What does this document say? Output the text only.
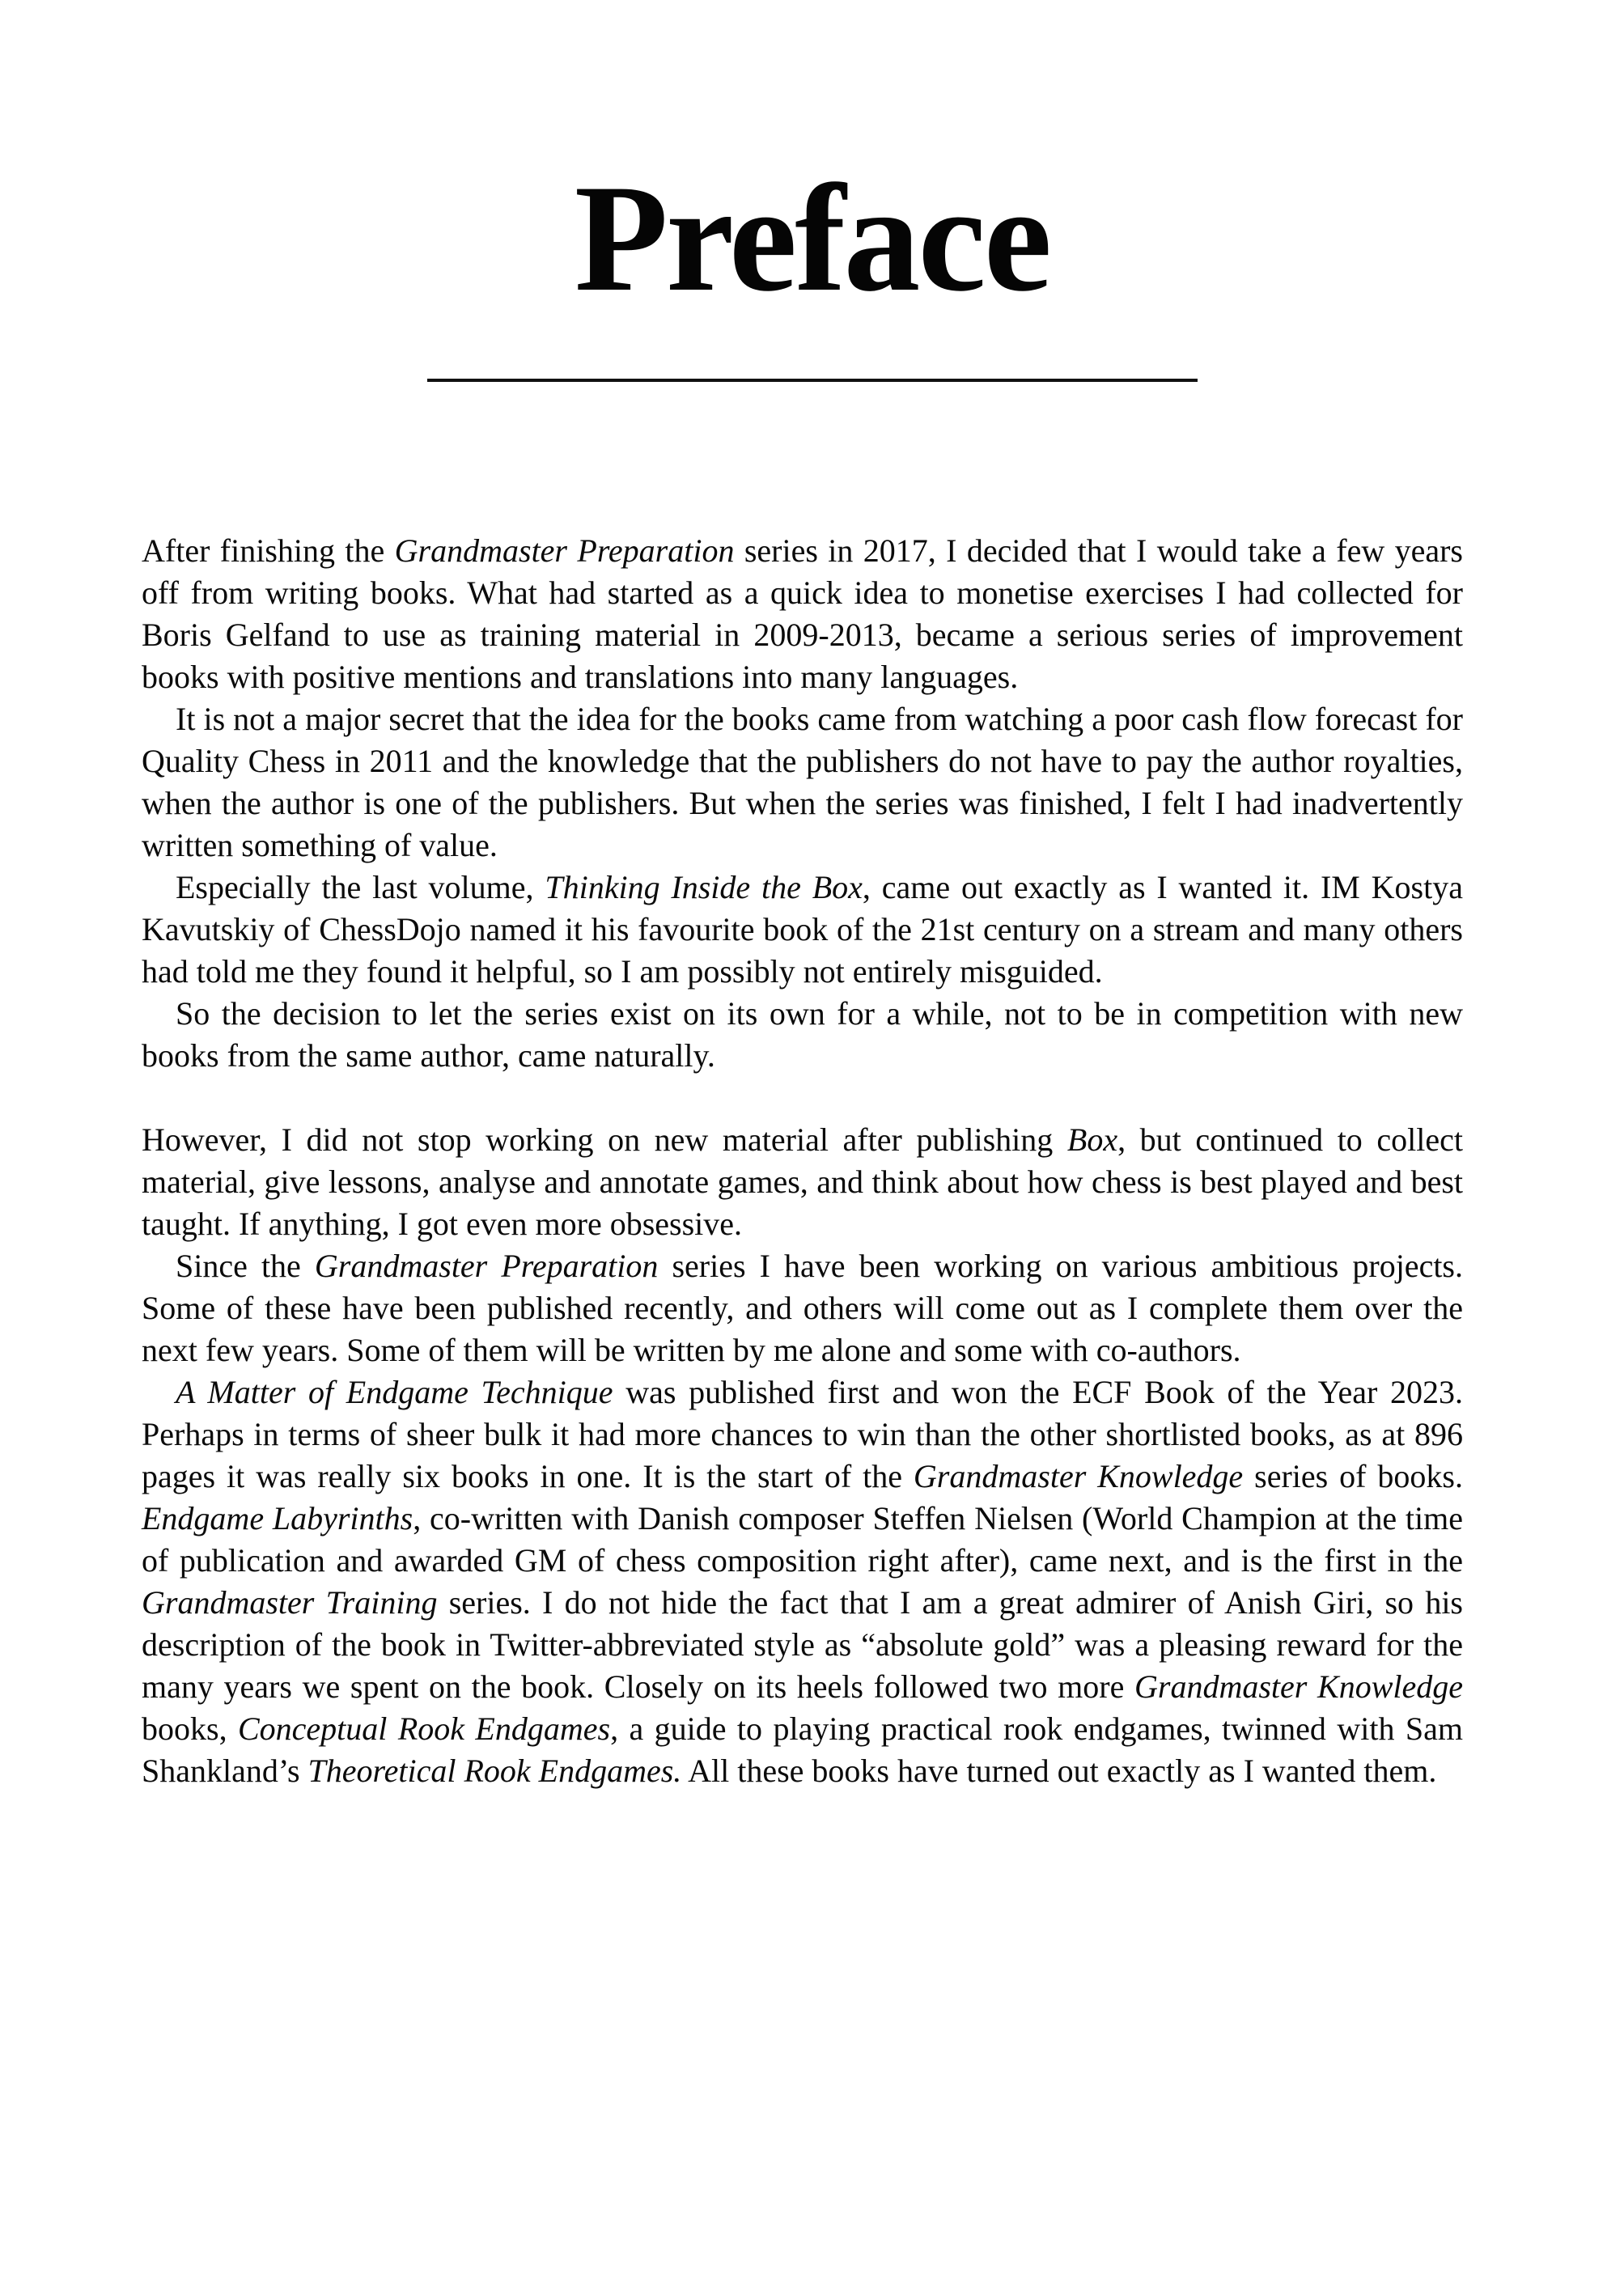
Preface

After finishing the Grandmaster Preparation series in 2017, I decided that I would take a few years off from writing books. What had started as a quick idea to monetise exercises I had collected for Boris Gelfand to use as training material in 2009-2013, became a serious series of improvement books with positive mentions and translations into many languages.

It is not a major secret that the idea for the books came from watching a poor cash flow forecast for Quality Chess in 2011 and the knowledge that the publishers do not have to pay the author royalties, when the author is one of the publishers. But when the series was finished, I felt I had inadvertently written something of value.

Especially the last volume, Thinking Inside the Box, came out exactly as I wanted it. IM Kostya Kavutskiy of ChessDojo named it his favourite book of the 21st century on a stream and many others had told me they found it helpful, so I am possibly not entirely misguided.

So the decision to let the series exist on its own for a while, not to be in competition with new books from the same author, came naturally.

However, I did not stop working on new material after publishing Box, but continued to collect material, give lessons, analyse and annotate games, and think about how chess is best played and best taught. If anything, I got even more obsessive.

Since the Grandmaster Preparation series I have been working on various ambitious projects. Some of these have been published recently, and others will come out as I complete them over the next few years. Some of them will be written by me alone and some with co-authors.

A Matter of Endgame Technique was published first and won the ECF Book of the Year 2023. Perhaps in terms of sheer bulk it had more chances to win than the other shortlisted books, as at 896 pages it was really six books in one. It is the start of the Grandmaster Knowledge series of books. Endgame Labyrinths, co-written with Danish composer Steffen Nielsen (World Champion at the time of publication and awarded GM of chess composition right after), came next, and is the first in the Grandmaster Training series. I do not hide the fact that I am a great admirer of Anish Giri, so his description of the book in Twitter-abbreviated style as “absolute gold” was a pleasing reward for the many years we spent on the book. Closely on its heels followed two more Grandmaster Knowledge books, Conceptual Rook Endgames, a guide to playing practical rook endgames, twinned with Sam Shankland’s Theoretical Rook Endgames. All these books have turned out exactly as I wanted them.
